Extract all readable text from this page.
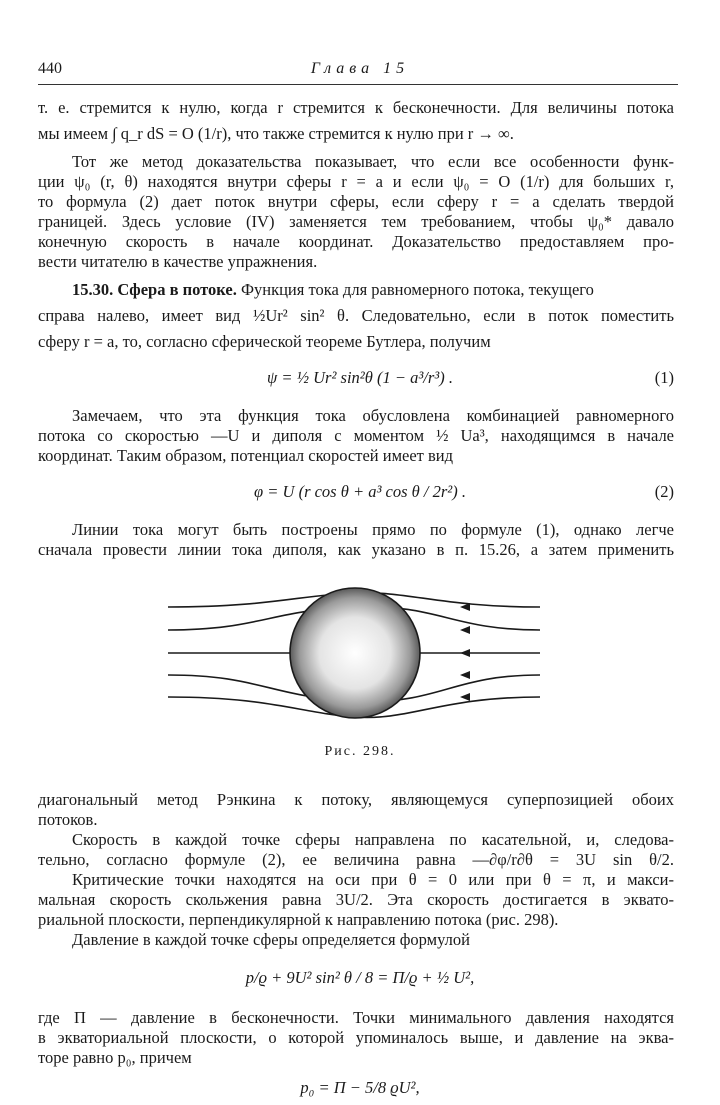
440	Глава 15
т. е. стремится к нулю, когда r стремится к бесконечности. Для величины потока
мы имеем ∫ q_r dS = O (1/r), что также стремится к нулю при r → ∞.
Тот же метод доказательства показывает, что если все особенности функ-
ции ψ₀ (r, θ) находятся внутри сферы r = a и если ψ₀ = O (1/r) для больших r,
то формула (2) дает поток внутри сферы, если сферу r = a сделать твердой
границей. Здесь условие (IV) заменяется тем требованием, чтобы ψ₀* давало
конечную скорость в начале координат. Доказательство предоставляем про-
вести читателю в качестве упражнения.
15.30. Сфера в потоке. Функция тока для равномерного потока, текущего
справа налево, имеет вид ½Ur² sin² θ. Следовательно, если в поток поместить
сферу r = a, то, согласно сферической теореме Бутлера, получим
ψ = ½ Ur² sin²θ (1 − a³/r³) .	(1)
Замечаем, что эта функция тока обусловлена комбинацией равномерного
потока со скоростью —U и диполя с моментом ½ Ua³, находящимся в начале
координат. Таким образом, потенциал скоростей имеет вид
φ = U (r cos θ + a³ cos θ / 2r²) .	(2)
Линии тока могут быть построены прямо по формуле (1), однако легче
сначала провести линии тока диполя, как указано в п. 15.26, а затем применить
Рис. 298.
диагональный метод Рэнкина к потоку, являющемуся суперпозицией обоих
потоков.
Скорость в каждой точке сферы направлена по касательной, и, следова-
тельно, согласно формуле (2), ее величина равна —∂φ/r∂θ = 3U sin θ/2.
Критические точки находятся на оси при θ = 0 или при θ = π, и макси-
мальная скорость скольжения равна 3U/2. Эта скорость достигается в эквато-
риальной плоскости, перпендикулярной к направлению потока (рис. 298).
Давление в каждой точке сферы определяется формулой
p/ϱ + 9U² sin² θ / 8 = Π/ϱ + ½ U²,
где Π — давление в бесконечности. Точки минимального давления находятся
в экваториальной плоскости, о которой упоминалось выше, и давление на эква-
торе равно p₀, причем
p₀ = Π − 5/8 ϱU²,
